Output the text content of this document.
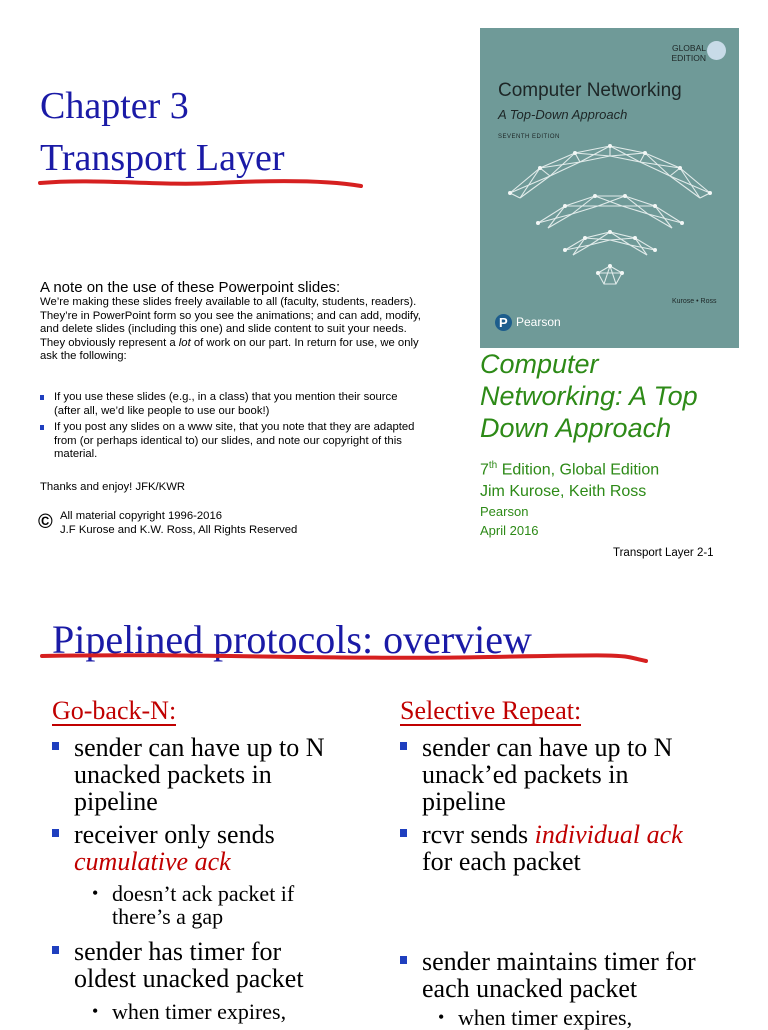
Chapter 3
Transport Layer
A note on the use of these Powerpoint slides:

We’re making these slides freely available to all (faculty, students, readers).

They’re in PowerPoint form so you see the animations; and can add, modify,

and delete slides (including this one) and slide content to suit your needs.

They obviously represent a lot of work on our part. In return for use, we only

ask the following:

If you use these slides (e.g., in a class) that you mention their source
(after all, we’d like people to use our book!)
If you post any slides on a www site, that you note that they are adapted
from (or perhaps identical to) our slides, and note our copyright of this
material.
Thanks and enjoy! JFK/KWR
© All material copyright 1996-2016
J.F Kurose and K.W. Ross, All Rights Reserved
GLOBAL
EDITION
Computer Networking
A Top-Down Approach
SEVENTH EDITION
Kurose • Ross
P Pearson
Computer
Networking: A Top
Down Approach
7th Edition, Global Edition
Jim Kurose, Keith Ross
Pearson
April 2016
Transport Layer 2-1
Pipelined protocols: overview
Go-back-N:
sender can have up to N
unacked packets in
pipeline
receiver only sends
cumulative ack
• doesn’t ack packet if
there’s a gap
sender has timer for
oldest unacked packet
• when timer expires,
Selective Repeat:
sender can have up to N
unack’ed packets in
pipeline
rcvr sends individual ack
for each packet
sender maintains timer for
each unacked packet
• when timer expires,
